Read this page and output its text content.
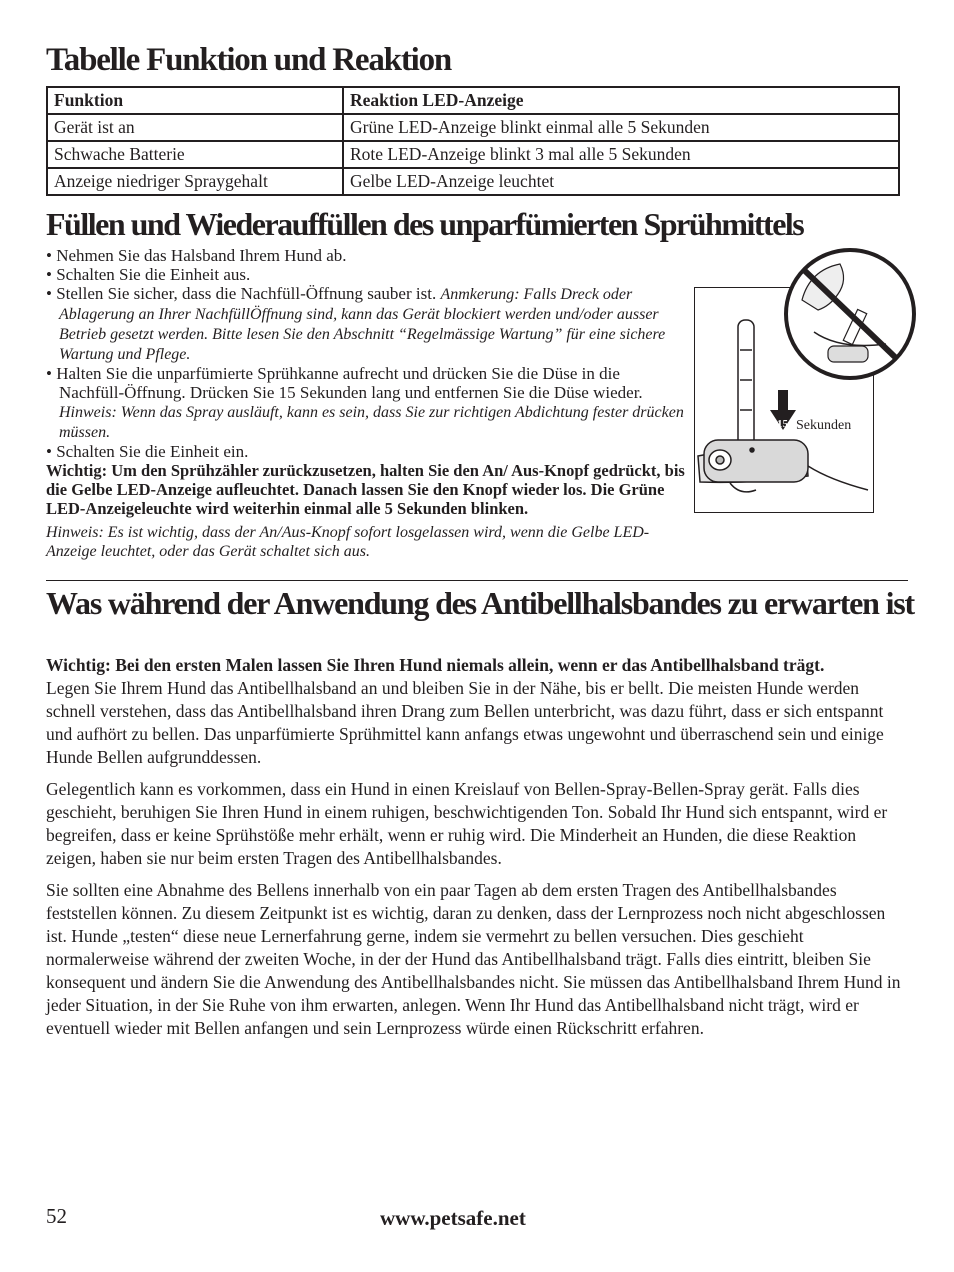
Tabelle Funktion und Reaktion
Funktion	Reaktion LED-Anzeige
Gerät ist an	Grüne LED-Anzeige blinkt einmal alle 5 Sekunden
Schwache Batterie	Rote LED-Anzeige blinkt 3 mal alle 5 Sekunden
Anzeige niedriger Spraygehalt	Gelbe LED-Anzeige leuchtet
Füllen und Wiederauffüllen des unparfümierten Sprühmittels
• Nehmen Sie das Halsband Ihrem Hund ab.
• Schalten Sie die Einheit aus.
• Stellen Sie sicher, dass die Nachfüll-Öffnung sauber ist. Anmkerung: Falls Dreck oder Ablagerung an Ihrer NachfüllÖffnung sind, kann das Gerät blockiert werden und/oder ausser Betrieb gesetzt werden. Bitte lesen Sie den Abschnitt “Regelmässige Wartung” für eine sichere Wartung und Pflege.
• Halten Sie die unparfümierte Sprühkanne aufrecht und drücken Sie die Düse in die Nachfüll-Öffnung. Drücken Sie 15 Sekunden lang und entfernen Sie die Düse wieder. Hinweis: Wenn das Spray ausläuft, kann es sein, dass Sie zur richtigen Abdichtung fester drücken müssen.
• Schalten Sie die Einheit ein.
Wichtig: Um den Sprühzähler zurückzusetzen, halten Sie den An/ Aus-Knopf gedrückt, bis die Gelbe LED-Anzeige aufleuchtet. Danach lassen Sie den Knopf wieder los. Die Grüne LED-Anzeigeleuchte wird weiterhin einmal alle 5 Sekunden blinken.
Hinweis: Es ist wichtig, dass der An/Aus-Knopf sofort losgelassen wird, wenn die Gelbe LED-Anzeige leuchtet, oder das Gerät schaltet sich aus.
15 Sekunden
Was während der Anwendung des Antibellhalsbandes zu erwarten ist

Wichtig: Bei den ersten Malen lassen Sie Ihren Hund niemals allein, wenn er das Antibellhalsband trägt.

Legen Sie Ihrem Hund das Antibellhalsband an und bleiben Sie in der Nähe, bis er bellt. Die meisten Hunde werden schnell verstehen, dass das Antibellhalsband ihren Drang zum Bellen unterbricht, was dazu führt, dass er sich entspannt und aufhört zu bellen. Das unparfümierte Sprühmittel kann anfangs etwas ungewohnt und überraschend sein und einige Hunde Bellen aufgrunddessen.

Gelegentlich kann es vorkommen, dass ein Hund in einen Kreislauf von Bellen-Spray-Bellen-Spray gerät. Falls dies geschieht, beruhigen Sie Ihren Hund in einem ruhigen, beschwichtigenden Ton. Sobald Ihr Hund sich entspannt, wird er begreifen, dass er keine Sprühstöße mehr erhält, wenn er ruhig wird. Die Minderheit an Hunden, die diese Reaktion zeigen, haben sie nur beim ersten Tragen des Antibellhalsbandes.

Sie sollten eine Abnahme des Bellens innerhalb von ein paar Tagen ab dem ersten Tragen des Antibellhalsbandes feststellen können. Zu diesem Zeitpunkt ist es wichtig, daran zu denken, dass der Lernprozess noch nicht abgeschlossen ist. Hunde „testen“ diese neue Lernerfahrung gerne, indem sie vermehrt zu bellen versuchen. Dies geschieht normalerweise während der zweiten Woche, in der der Hund das Antibellhalsband trägt. Falls dies eintritt, bleiben Sie konsequent und ändern Sie die Anwendung des Antibellhalsbandes nicht. Sie müssen das Antibellhalsband Ihrem Hund in jeder Situation, in der Sie Ruhe von ihm erwarten, anlegen. Wenn Ihr Hund das Antibellhalsband nicht trägt, wird er eventuell wieder mit Bellen anfangen und sein Lernprozess würde einen Rückschritt erfahren.

52	www.petsafe.net
